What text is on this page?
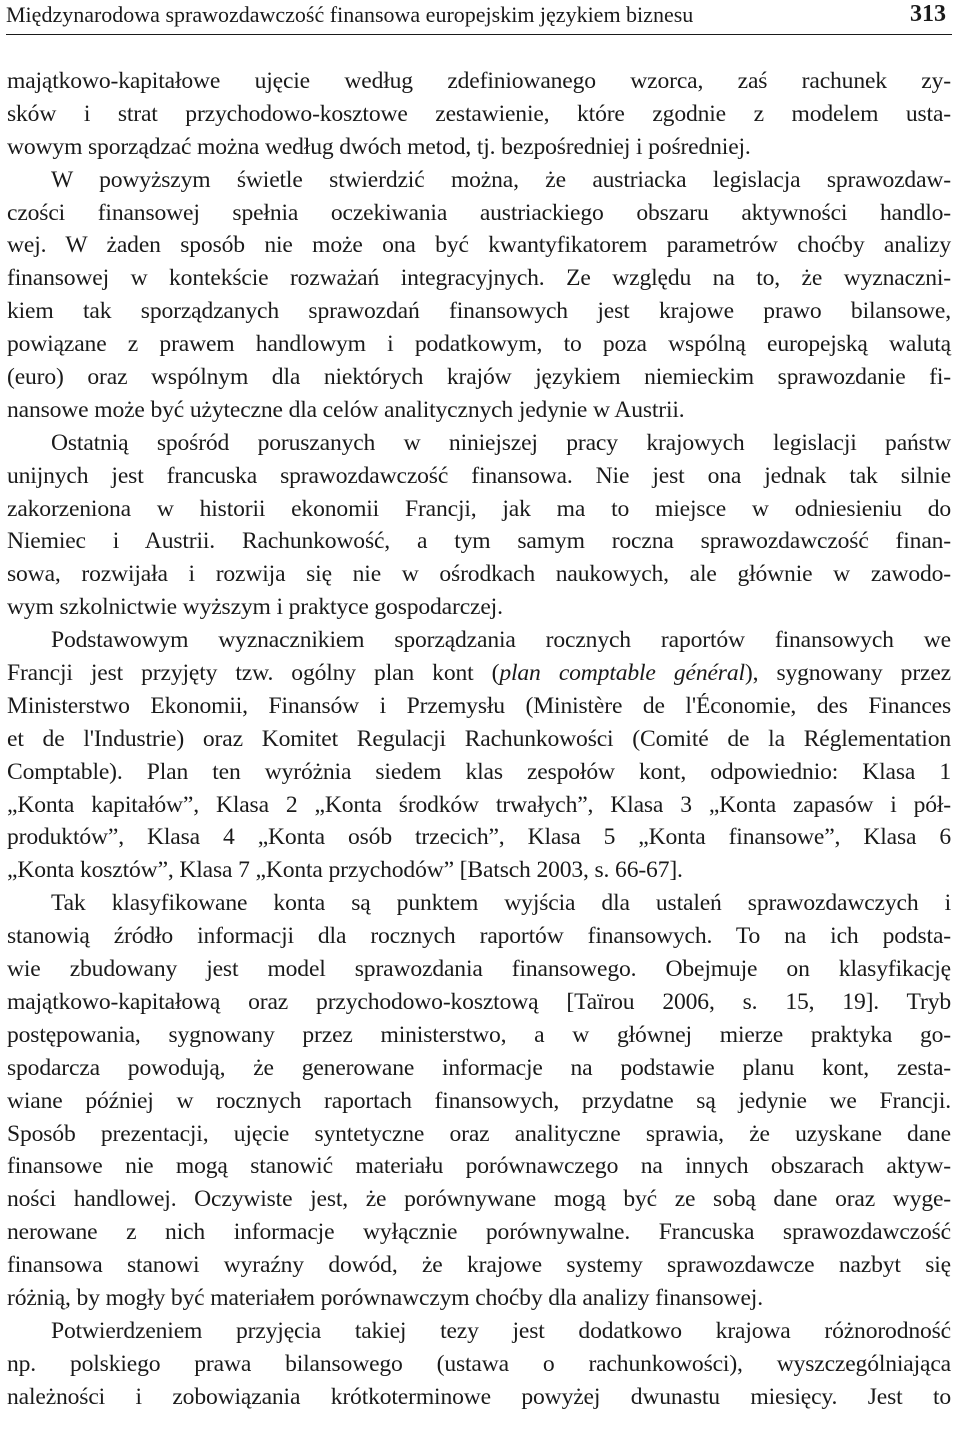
Międzynarodowa sprawozdawczość finansowa europejskim językiem biznesu	313
majątkowo-kapitałowe ujęcie według zdefiniowanego wzorca, zaś rachunek zy-
sków i strat przychodowo-kosztowe zestawienie, które zgodnie z modelem usta-
wowym sporządzać można według dwóch metod, tj. bezpośredniej i pośredniej.
W powyższym świetle stwierdzić można, że austriacka legislacja sprawozdaw-
czości finansowej spełnia oczekiwania austriackiego obszaru aktywności handlo-
wej. W żaden sposób nie może ona być kwantyfikatorem parametrów choćby analizy
finansowej w kontekście rozważań integracyjnych. Ze względu na to, że wyznaczni-
kiem tak sporządzanych sprawozdań finansowych jest krajowe prawo bilansowe,
powiązane z prawem handlowym i podatkowym, to poza wspólną europejską walutą
(euro) oraz wspólnym dla niektórych krajów językiem niemieckim sprawozdanie fi-
nansowe może być użyteczne dla celów analitycznych jedynie w Austrii.
Ostatnią spośród poruszanych w niniejszej pracy krajowych legislacji państw
unijnych jest francuska sprawozdawczość finansowa. Nie jest ona jednak tak silnie
zakorzeniona w historii ekonomii Francji, jak ma to miejsce w odniesieniu do
Niemiec i Austrii. Rachunkowość, a tym samym roczna sprawozdawczość finan-
sowa, rozwijała i rozwija się nie w ośrodkach naukowych, ale głównie w zawodo-
wym szkolnictwie wyższym i praktyce gospodarczej.
Podstawowym wyznacznikiem sporządzania rocznych raportów finansowych we
Francji jest przyjęty tzw. ogólny plan kont (plan comptable général), sygnowany przez
Ministerstwo Ekonomii, Finansów i Przemysłu (Ministère de l'Économie, des Finances
et de l'Industrie) oraz Komitet Regulacji Rachunkowości (Comité de la Réglementation
Comptable). Plan ten wyróżnia siedem klas zespołów kont, odpowiednio: Klasa 1
„Konta kapitałów”, Klasa 2 „Konta środków trwałych”, Klasa 3 „Konta zapasów i pół-
produktów”, Klasa 4 „Konta osób trzecich”, Klasa 5 „Konta finansowe”, Klasa 6
„Konta kosztów”, Klasa 7 „Konta przychodów” [Batsch 2003, s. 66-67].
Tak klasyfikowane konta są punktem wyjścia dla ustaleń sprawozdawczych i
stanowią źródło informacji dla rocznych raportów finansowych. To na ich podsta-
wie zbudowany jest model sprawozdania finansowego. Obejmuje on klasyfikację
majątkowo-kapitałową oraz przychodowo-kosztową [Taïrou 2006, s. 15, 19]. Tryb
postępowania, sygnowany przez ministerstwo, a w głównej mierze praktyka go-
spodarcza powodują, że generowane informacje na podstawie planu kont, zesta-
wiane później w rocznych raportach finansowych, przydatne są jedynie we Francji.
Sposób prezentacji, ujęcie syntetyczne oraz analityczne sprawia, że uzyskane dane
finansowe nie mogą stanowić materiału porównawczego na innych obszarach aktyw-
ności handlowej. Oczywiste jest, że porównywane mogą być ze sobą dane oraz wyge-
nerowane z nich informacje wyłącznie porównywalne. Francuska sprawozdawczość
finansowa stanowi wyraźny dowód, że krajowe systemy sprawozdawcze nazbyt się
różnią, by mogły być materiałem porównawczym choćby dla analizy finansowej.
Potwierdzeniem przyjęcia takiej tezy jest dodatkowo krajowa różnorodność
np. polskiego prawa bilansowego (ustawa o rachunkowości), wyszczególniająca
należności i zobowiązania krótkoterminowe powyżej dwunastu miesięcy. Jest to
